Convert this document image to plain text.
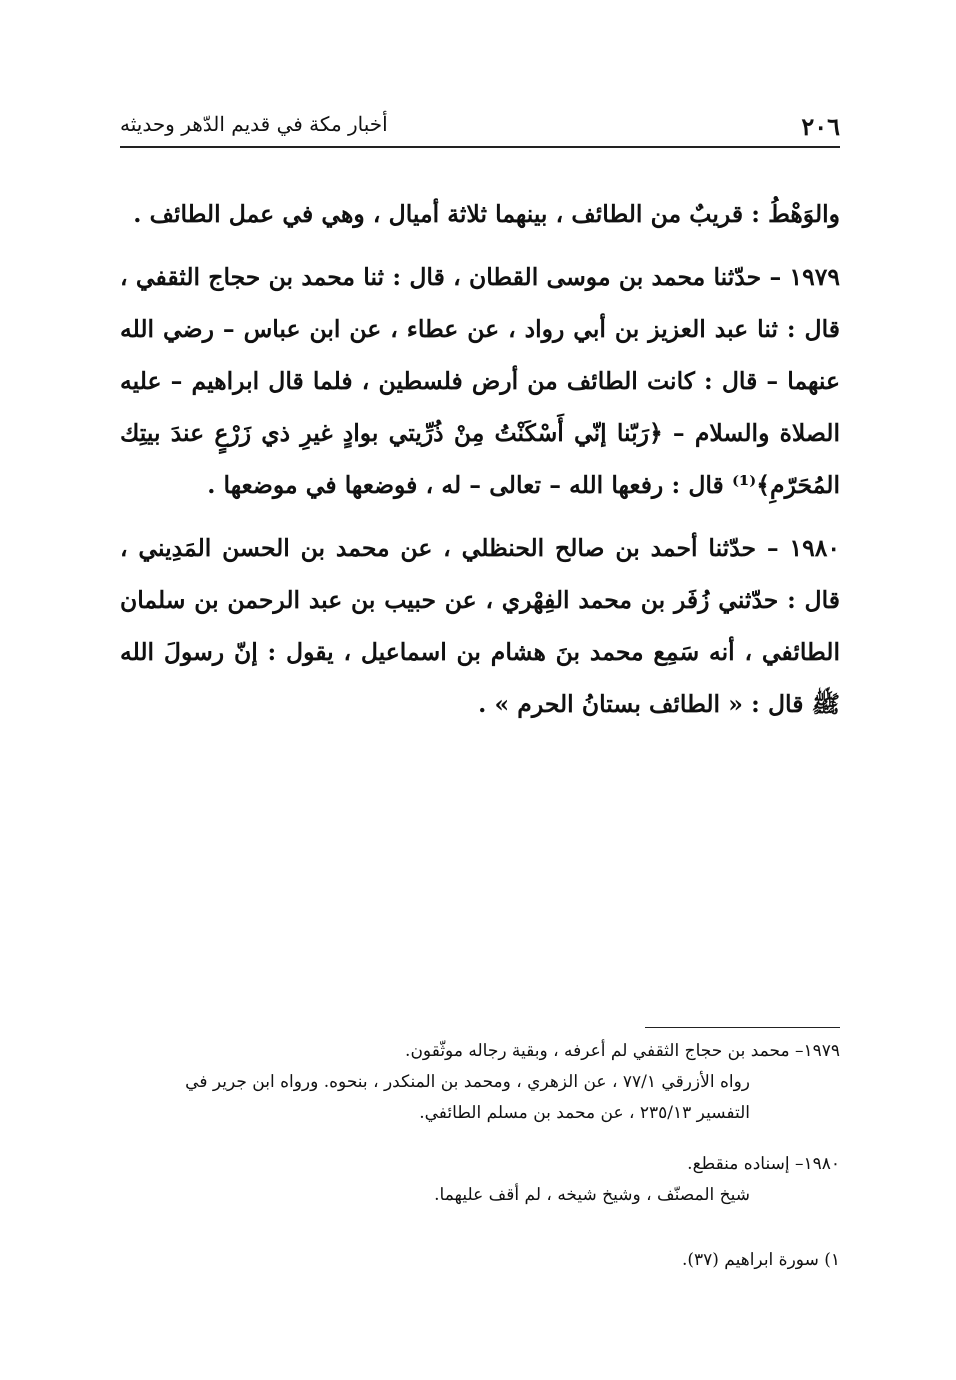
٢٠٦
أخبار مكة في قديم الدّهر وحديثه

والوَهْطُ : قريبٌ من الطائف ، بينهما ثلاثة أميال ، وهي في عمل الطائف .

١٩٧٩ – حدّثنا محمد بن موسى القطان ، قال : ثنا محمد بن حجاج الثقفي ، قال : ثنا عبد العزيز بن أبي رواد ، عن عطاء ، عن ابن عباس – رضي الله عنهما – قال : كانت الطائف من أرض فلسطين ، فلما قال ابراهيم – عليه الصلاة والسلام – ﴿رَبّنا إنّي أَسْكَنْتُ مِنْ ذُرِّيتي بوادٍ غيرِ ذي زَرْعٍ عندَ بيتِك المُحَرّمِ﴾⁽¹⁾ قال : رفعها الله – تعالى – له ، فوضعها في موضعها .

١٩٨٠ – حدّثنا أحمد بن صالح الحنظلي ، عن محمد بن الحسن المَدِيني ، قال : حدّثني زُفَر بن محمد الفِهْري ، عن حبيب بن عبد الرحمن بن سلمان الطائفي ، أنه سَمِع محمد بنَ هشام بن اسماعيل ، يقول : إنّ رسولَ الله ﷺ قال : « الطائف بستانُ الحرم » .

١٩٧٩– محمد بن حجاج الثقفي لم أعرفه ، وبقية رجاله موثّقون.

رواه الأزرقي ٧٧/١ ، عن الزهري ، ومحمد بن المنكدر ، بنحوه. ورواه ابن جرير في

التفسير ٢٣٥/١٣ ، عن محمد بن مسلم الطائفي.

١٩٨٠– إسناده منقطع.

شيخ المصنّف ، وشيخ شيخه ، لم أقف عليهما.

١) سورة ابراهيم (٣٧).
